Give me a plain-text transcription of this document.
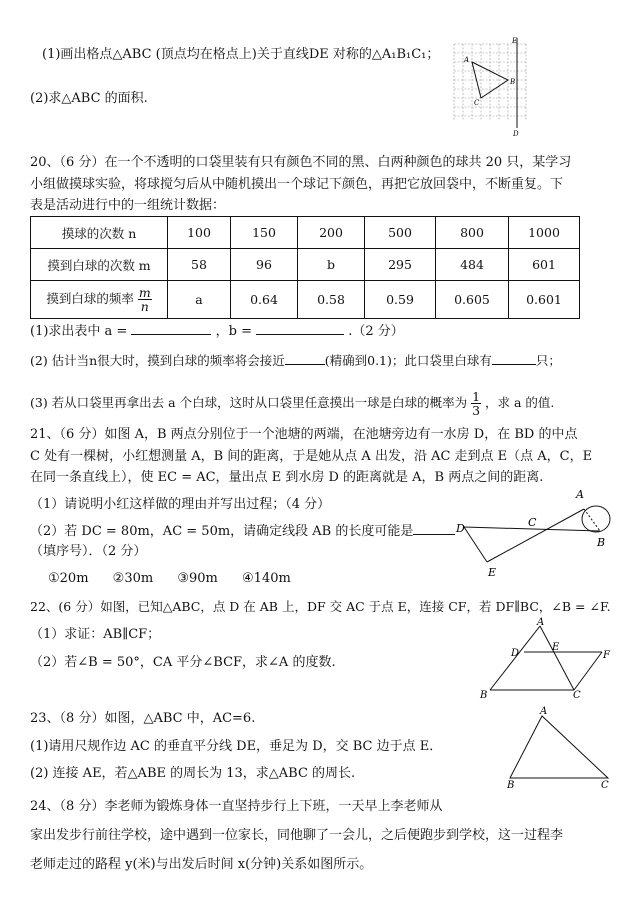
(1)画出格点△ABC (顶点均在格点上)关于直线DE 对称的△A₁B₁C₁；
(2)求△ABC 的面积.
E
D
A
B
C
20、（6 分）在一个不透明的口袋里装有只有颜色不同的黑、白两种颜色的球共 20 只，某学习
小组做摸球实验，将球搅匀后从中随机摸出一个球记下颜色，再把它放回袋中，不断重复。下
表是活动进行中的一组统计数据：
摸球的次数 n	100	150	200	500	800	1000
摸到白球的次数 m	58	96	b	295	484	601
摸到白球的频率 $\frac{m}{n}$	a	0.64	0.58	0.59	0.605	0.601
(1)求出表中 a =	，b =	.（2 分）
(2) 估计当n很大时，摸到白球的频率将会接近	(精确到0.1)；此口袋里白球有	只；
(3) 若从口袋里再拿出去 a 个白球，这时从口袋里任意摸出一球是白球的概率为 $\frac{1}{3}$ ，求 a 的值.
21、（6 分）如图 A，B 两点分别位于一个池塘的两端，在池塘旁边有一水房 D，在 BD 的中点
C 处有一棵树，小红想测量 A，B 间的距离，于是她从点 A 出发，沿 AC 走到点 E（点 A，C，E
在同一条直线上），使 EC = AC，量出点 E 到水房 D 的距离就是 A，B 两点之间的距离.
（1）请说明小红这样做的理由并写出过程；（4 分）
（2）若 DC = 80m，AC = 50m，请确定线段 AB 的长度可能是
（填序号）．（2 分）
①20m ②30m ③90m ④140m
A
B
C
D
E
22、(6 分）如图，已知△ABC，点 D 在 AB 上，DF 交 AC 于点 E，连接 CF，若 DF∥BC，∠B = ∠F.
（1）求证：AB∥CF；
（2）若∠B = 50°，CA 平分∠BCF，求∠A 的度数.
A
D
E
F
B	C
23、（8 分）如图，△ABC 中，AC=6.
(1)请用尺规作边 AC 的垂直平分线 DE，垂足为 D，交 BC 边于点 E．
(2) 连接 AE，若△ABE 的周长为 13，求△ABC 的周长.
A
B	C
24、（8 分）李老师为锻炼身体一直坚持步行上下班，一天早上李老师从
家出发步行前往学校，途中遇到一位家长，同他聊了一会儿，之后便跑步到学校，这一过程李
老师走过的路程 y(米)与出发后时间 x(分钟)关系如图所示。
